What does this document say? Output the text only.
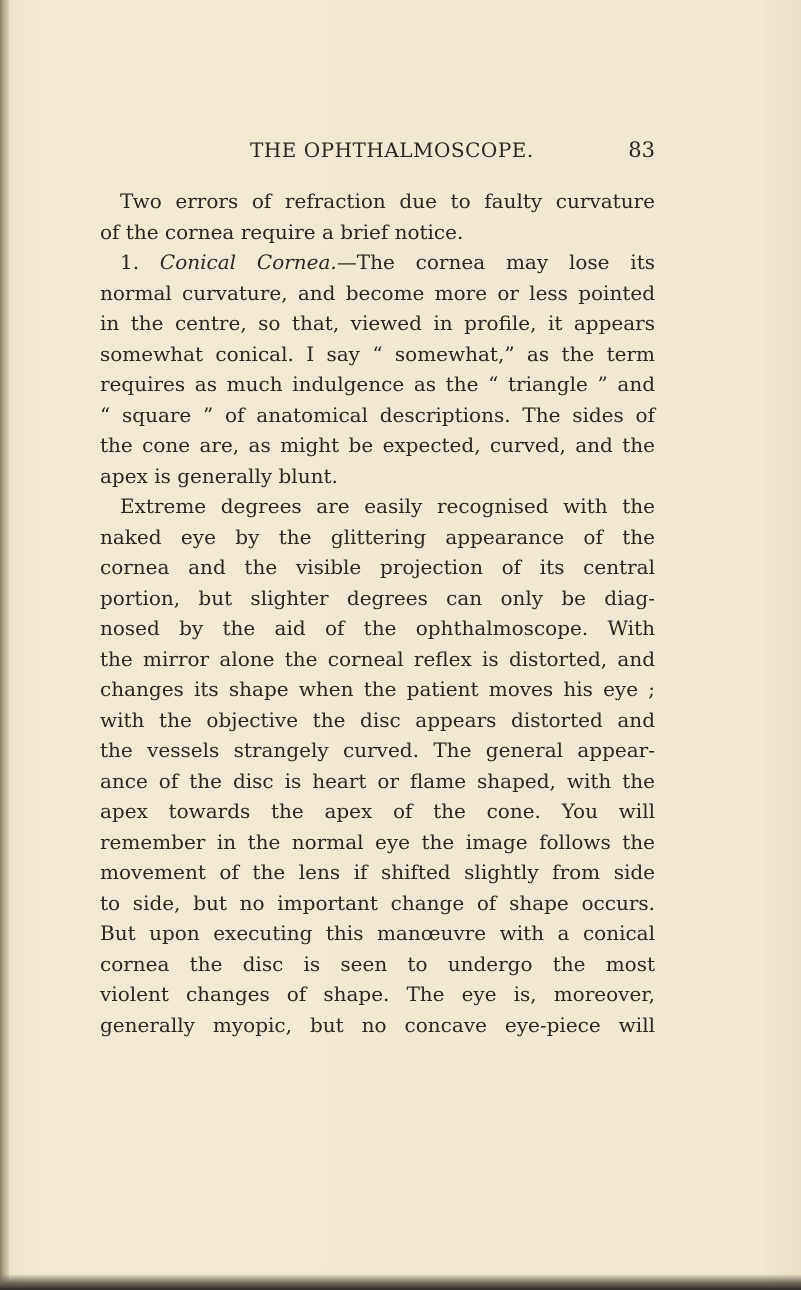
THE OPHTHALMOSCOPE.	83
Two errors of refraction due to faulty curvature
of the cornea require a brief notice.
1. Conical Cornea.—The cornea may lose its
normal curvature, and become more or less pointed
in the centre, so that, viewed in profile, it appears
somewhat conical. I say “ somewhat,” as the term
requires as much indulgence as the “ triangle ” and
“ square ” of anatomical descriptions. The sides of
the cone are, as might be expected, curved, and the
apex is generally blunt.
Extreme degrees are easily recognised with the
naked eye by the glittering appearance of the
cornea and the visible projection of its central
portion, but slighter degrees can only be diag-
nosed by the aid of the ophthalmoscope. With
the mirror alone the corneal reflex is distorted, and
changes its shape when the patient moves his eye ;
with the objective the disc appears distorted and
the vessels strangely curved. The general appear-
ance of the disc is heart or flame shaped, with the
apex towards the apex of the cone. You will
remember in the normal eye the image follows the
movement of the lens if shifted slightly from side
to side, but no important change of shape occurs.
But upon executing this manœuvre with a conical
cornea the disc is seen to undergo the most
violent changes of shape. The eye is, moreover,
generally myopic, but no concave eye-piece will
